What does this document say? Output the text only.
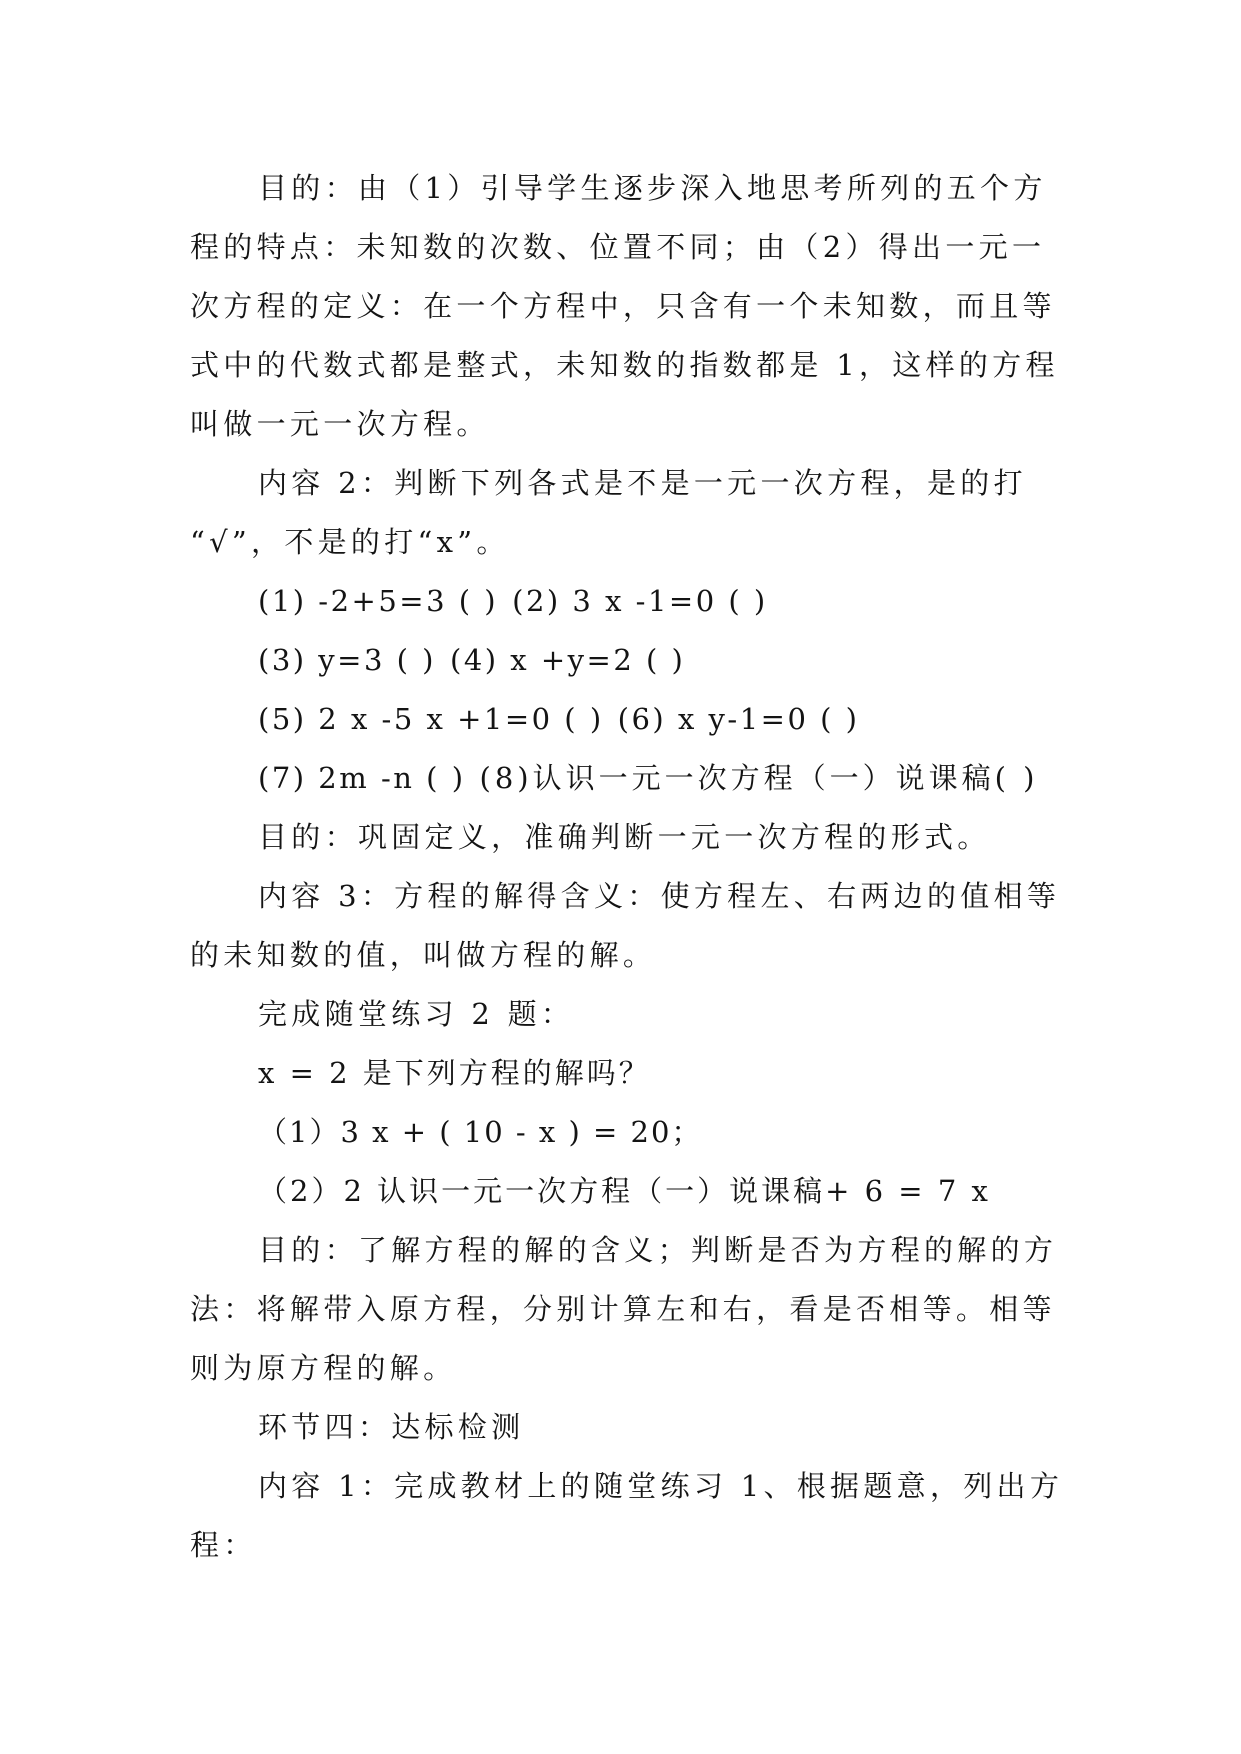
目的：由（1）引导学生逐步深入地思考所列的五个方
程的特点：未知数的次数、位置不同；由（2）得出一元一
次方程的定义：在一个方程中，只含有一个未知数，而且等
式中的代数式都是整式，未知数的指数都是 1，这样的方程
叫做一元一次方程。
内容 2：判断下列各式是不是一元一次方程，是的打
“√”，不是的打“x”。
(1) -2+5=3 ( ) (2) 3 x -1=0 ( )
(3) y=3 ( ) (4) x +y=2 ( )
(5) 2 x -5 x +1=0 ( ) (6) x y-1=0 ( )
(7) 2m -n ( ) (8)认识一元一次方程（一）说课稿( )
目的：巩固定义，准确判断一元一次方程的形式。
内容 3：方程的解得含义：使方程左、右两边的值相等
的未知数的值，叫做方程的解。
完成随堂练习 2 题：
x = 2 是下列方程的解吗？
（1）3 x + ( 10 - x ) = 20；
（2）2 认识一元一次方程（一）说课稿+ 6 = 7 x
目的：了解方程的解的含义；判断是否为方程的解的方
法：将解带入原方程，分别计算左和右，看是否相等。相等
则为原方程的解。
环节四：达标检测
内容 1：完成教材上的随堂练习 1、根据题意，列出方
程：
